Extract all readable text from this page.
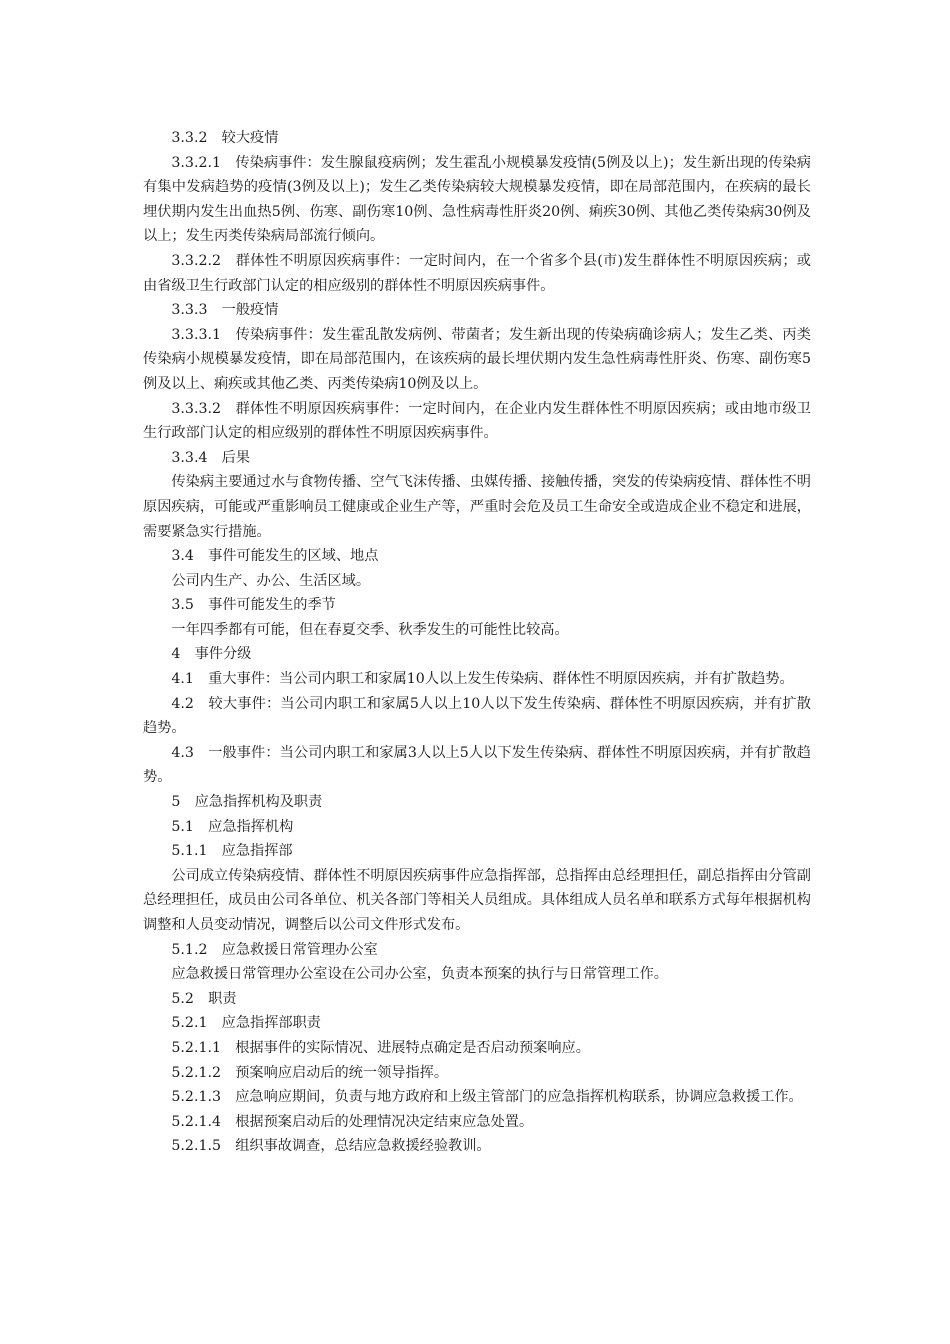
3.3.2　较大疫情

3.3.2.1　传染病事件：发生腺鼠疫病例；发生霍乱小规模暴发疫情(5例及以上)；发生新出现的传染病有集中发病趋势的疫情(3例及以上)；发生乙类传染病较大规模暴发疫情，即在局部范围内，在疾病的最长埋伏期内发生出血热5例、伤寒、副伤寒10例、急性病毒性肝炎20例、痢疾30例、其他乙类传染病30例及以上；发生丙类传染病局部流行倾向。

3.3.2.2　群体性不明原因疾病事件：一定时间内，在一个省多个县(市)发生群体性不明原因疾病；或由省级卫生行政部门认定的相应级别的群体性不明原因疾病事件。

3.3.3　一般疫情

3.3.3.1　传染病事件：发生霍乱散发病例、带菌者；发生新出现的传染病确诊病人；发生乙类、丙类传染病小规模暴发疫情，即在局部范围内，在该疾病的最长埋伏期内发生急性病毒性肝炎、伤寒、副伤寒5例及以上、痢疾或其他乙类、丙类传染病10例及以上。

3.3.3.2　群体性不明原因疾病事件：一定时间内，在企业内发生群体性不明原因疾病；或由地市级卫生行政部门认定的相应级别的群体性不明原因疾病事件。

3.3.4　后果

传染病主要通过水与食物传播、空气飞沫传播、虫媒传播、接触传播，突发的传染病疫情、群体性不明原因疾病，可能或严重影响员工健康或企业生产等，严重时会危及员工生命安全或造成企业不稳定和进展，需要紧急实行措施。

3.4　事件可能发生的区域、地点

公司内生产、办公、生活区域。

3.5　事件可能发生的季节

一年四季都有可能，但在春夏交季、秋季发生的可能性比较高。

4　事件分级

4.1　重大事件：当公司内职工和家属10人以上发生传染病、群体性不明原因疾病，并有扩散趋势。

4.2　较大事件：当公司内职工和家属5人以上10人以下发生传染病、群体性不明原因疾病，并有扩散趋势。

4.3　一般事件：当公司内职工和家属3人以上5人以下发生传染病、群体性不明原因疾病，并有扩散趋势。

5　应急指挥机构及职责

5.1　应急指挥机构

5.1.1　应急指挥部

公司成立传染病疫情、群体性不明原因疾病事件应急指挥部，总指挥由总经理担任，副总指挥由分管副总经理担任，成员由公司各单位、机关各部门等相关人员组成。具体组成人员名单和联系方式每年根据机构调整和人员变动情况，调整后以公司文件形式发布。

5.1.2　应急救援日常管理办公室

应急救援日常管理办公室设在公司办公室，负责本预案的执行与日常管理工作。

5.2　职责

5.2.1　应急指挥部职责

5.2.1.1　根据事件的实际情况、进展特点确定是否启动预案响应。

5.2.1.2　预案响应启动后的统一领导指挥。

5.2.1.3　应急响应期间，负责与地方政府和上级主管部门的应急指挥机构联系，协调应急救援工作。

5.2.1.4　根据预案启动后的处理情况决定结束应急处置。

5.2.1.5　组织事故调查，总结应急救援经验教训。
